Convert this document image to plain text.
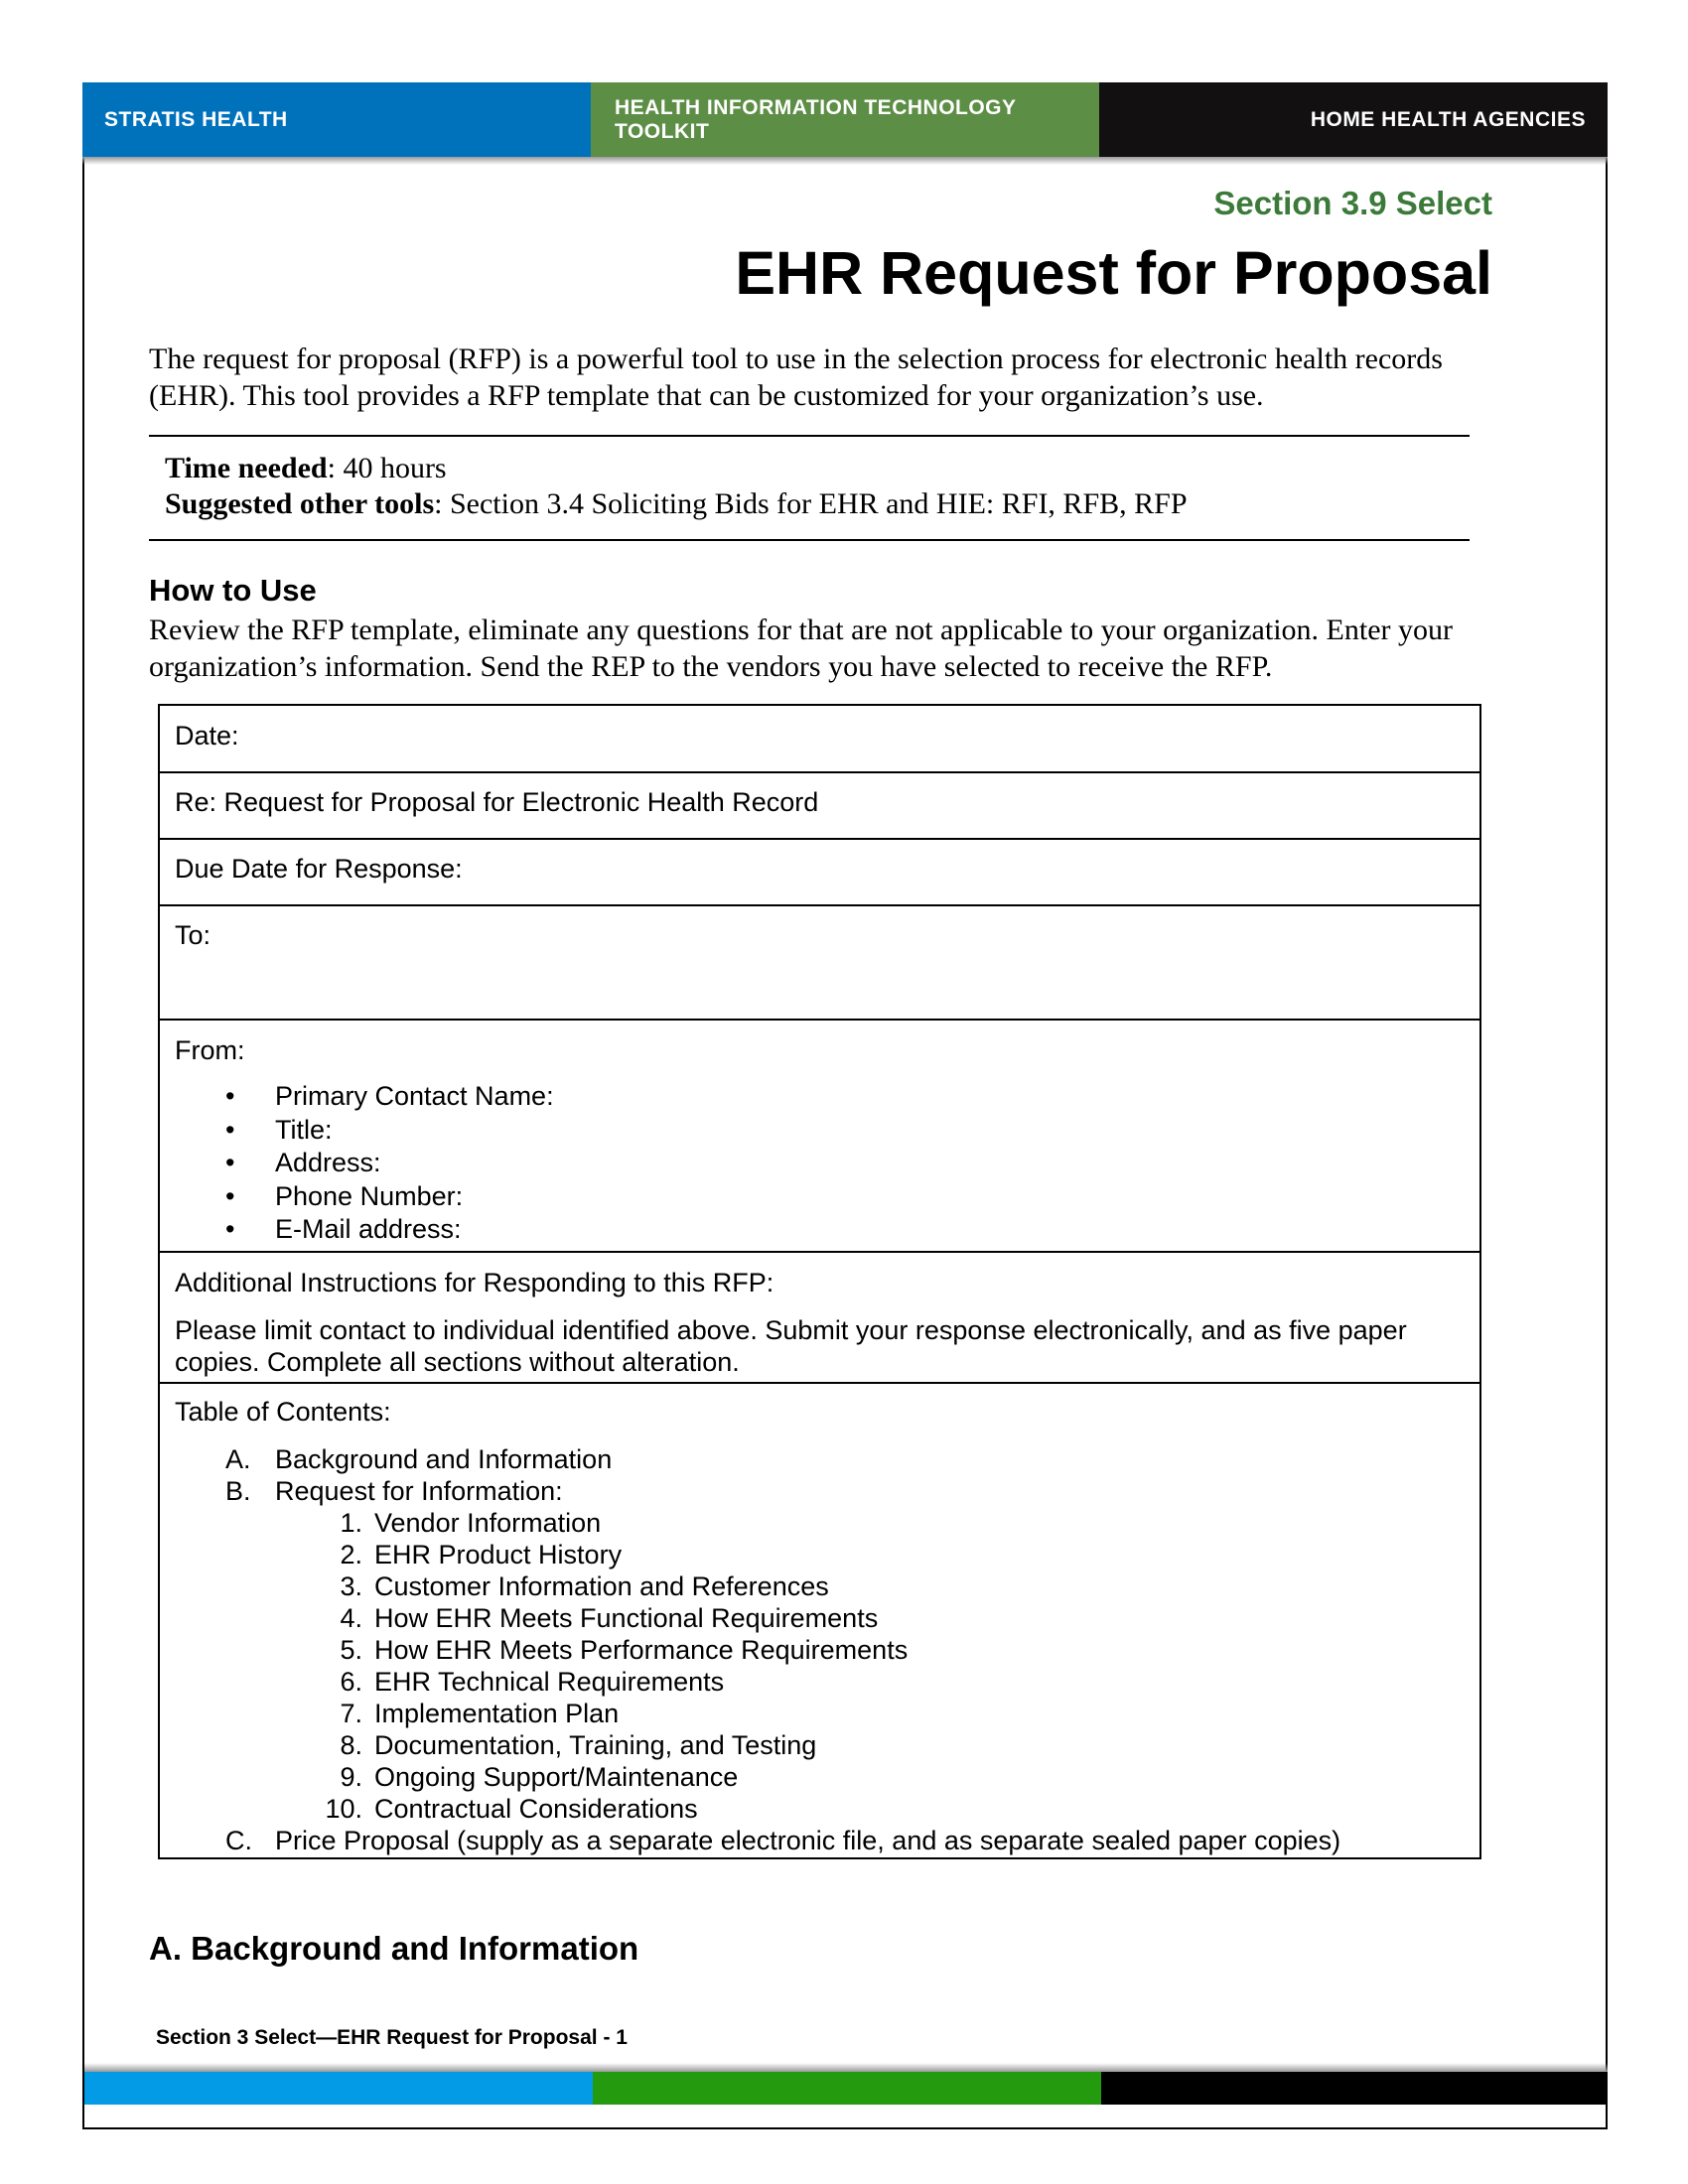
STRATIS HEALTH
HEALTH INFORMATION TECHNOLOGY TOOLKIT
HOME HEALTH AGENCIES
Section 3.9 Select
EHR Request for Proposal

The request for proposal (RFP) is a powerful tool to use in the selection process for electronic health records (EHR). This tool provides a RFP template that can be customized for your organization’s use.

Time needed: 40 hours
Suggested other tools: Section 3.4 Soliciting Bids for EHR and HIE: RFI, RFB, RFP
How to Use

Review the RFP template, eliminate any questions for that are not applicable to your organization. Enter your organization’s information. Send the REP to the vendors you have selected to receive the RFP.

Date:
Re: Request for Proposal for Electronic Health Record
Due Date for Response:
To:
From:
• Primary Contact Name:
• Title:
• Address:
• Phone Number:
• E-Mail address:
Additional Instructions for Responding to this RFP:

Please limit contact to individual identified above. Submit your response electronically, and as five paper copies. Complete all sections without alteration.

Table of Contents:
A. Background and Information
B. Request for Information:
1. Vendor Information
2. EHR Product History
3. Customer Information and References
4. How EHR Meets Functional Requirements
5. How EHR Meets Performance Requirements
6. EHR Technical Requirements
7. Implementation Plan
8. Documentation, Training, and Testing
9. Ongoing Support/Maintenance
10. Contractual Considerations
C. Price Proposal (supply as a separate electronic file, and as separate sealed paper copies)
A. Background and Information
Section 3 Select—EHR Request for Proposal - 1
